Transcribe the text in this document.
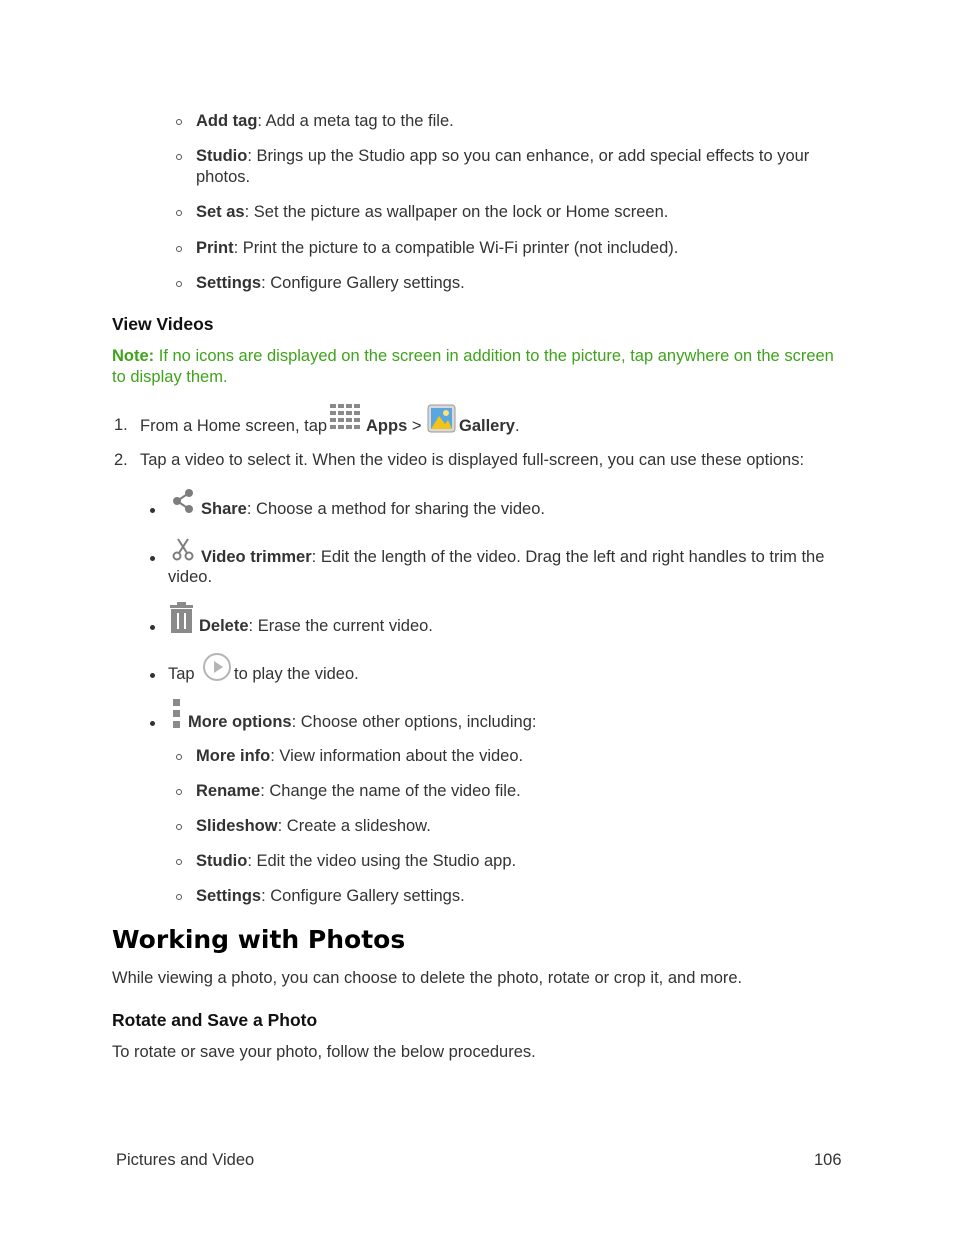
Add tag: Add a meta tag to the file.
Studio: Brings up the Studio app so you can enhance, or add special effects to your
photos.
Set as: Set the picture as wallpaper on the lock or Home screen.
Print: Print the picture to a compatible Wi-Fi printer (not included).
Settings: Configure Gallery settings.
View Videos
Note: If no icons are displayed on the screen in addition to the picture, tap anywhere on the screen
to display them.
1. From a Home screen, tap Apps > Gallery.
2. Tap a video to select it. When the video is displayed full-screen, you can use these options:
Share: Choose a method for sharing the video.
Video trimmer: Edit the length of the video. Drag the left and right handles to trim the
video.
Delete: Erase the current video.
Tap to play the video.
More options: Choose other options, including:
More info: View information about the video.
Rename: Change the name of the video file.
Slideshow: Create a slideshow.
Studio: Edit the video using the Studio app.
Settings: Configure Gallery settings.
Working with Photos
While viewing a photo, you can choose to delete the photo, rotate or crop it, and more.
Rotate and Save a Photo
To rotate or save your photo, follow the below procedures.
Pictures and Video	106
